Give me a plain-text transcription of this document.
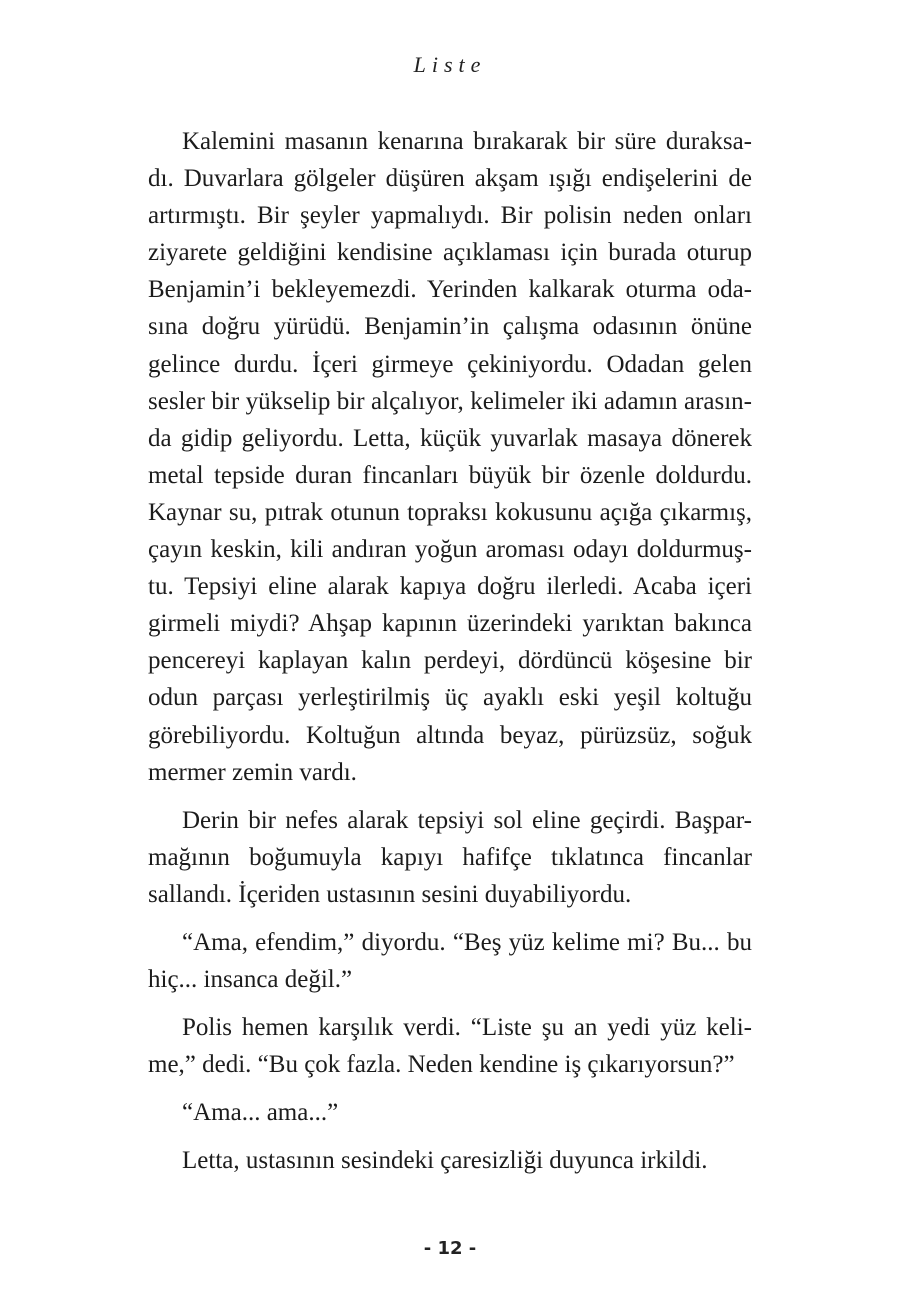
Liste
Kalemini masanın kenarına bırakarak bir süre duraksa-
dı. Duvarlara gölgeler düşüren akşam ışığı endişelerini de
artırmıştı. Bir şeyler yapmalıydı. Bir polisin neden onları
ziyarete geldiğini kendisine açıklaması için burada oturup
Benjamin’i bekleyemezdi. Yerinden kalkarak oturma oda-
sına doğru yürüdü. Benjamin’in çalışma odasının önüne
gelince durdu. İçeri girmeye çekiniyordu. Odadan gelen
sesler bir yükselip bir alçalıyor, kelimeler iki adamın arasın-
da gidip geliyordu. Letta, küçük yuvarlak masaya dönerek
metal tepside duran fincanları büyük bir özenle doldurdu.
Kaynar su, pıtrak otunun topraksı kokusunu açığa çıkarmış,
çayın keskin, kili andıran yoğun aroması odayı doldurmuş-
tu. Tepsiyi eline alarak kapıya doğru ilerledi. Acaba içeri
girmeli miydi? Ahşap kapının üzerindeki yarıktan bakınca
pencereyi kaplayan kalın perdeyi, dördüncü köşesine bir
odun parçası yerleştirilmiş üç ayaklı eski yeşil koltuğu
görebiliyordu. Koltuğun altında beyaz, pürüzsüz, soğuk
mermer zemin vardı.
Derin bir nefes alarak tepsiyi sol eline geçirdi. Başpar-
mağının boğumuyla kapıyı hafifçe tıklatınca fincanlar
sallandı. İçeriden ustasının sesini duyabiliyordu.
“Ama, efendim,” diyordu. “Beş yüz kelime mi? Bu... bu
hiç... insanca değil.”
Polis hemen karşılık verdi. “Liste şu an yedi yüz keli-
me,” dedi. “Bu çok fazla. Neden kendine iş çıkarıyorsun?”
“Ama... ama...”
Letta, ustasının sesindeki çaresizliği duyunca irkildi.
- 12 -
